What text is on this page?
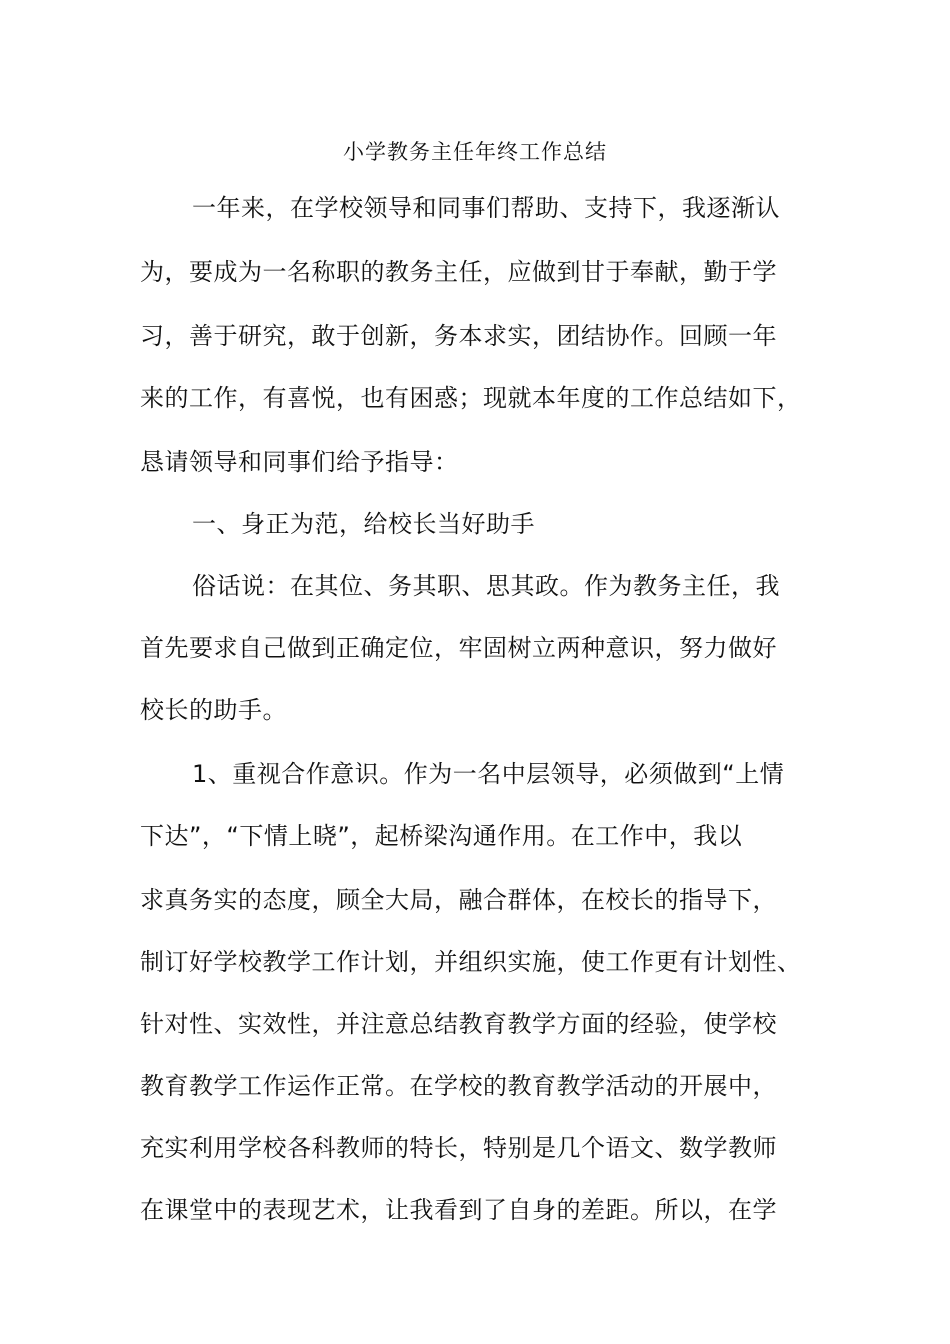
小学教务主任年终工作总结
一年来，在学校领导和同事们帮助、支持下，我逐渐认
为，要成为一名称职的教务主任，应做到甘于奉献，勤于学
习，善于研究，敢于创新，务本求实，团结协作。回顾一年
来的工作，有喜悦，也有困惑；现就本年度的工作总结如下，
恳请领导和同事们给予指导：
一、身正为范，给校长当好助手
俗话说：在其位、务其职、思其政。作为教务主任，我
首先要求自己做到正确定位，牢固树立两种意识，努力做好
校长的助手。
1、重视合作意识。作为一名中层领导，必须做到“上情
下达”，“下情上晓”，起桥梁沟通作用。在工作中，我以
求真务实的态度，顾全大局，融合群体，在校长的指导下，
制订好学校教学工作计划，并组织实施，使工作更有计划性、
针对性、实效性，并注意总结教育教学方面的经验，使学校
教育教学工作运作正常。在学校的教育教学活动的开展中，
充实利用学校各科教师的特长，特别是几个语文、数学教师
在课堂中的表现艺术，让我看到了自身的差距。所以，在学
